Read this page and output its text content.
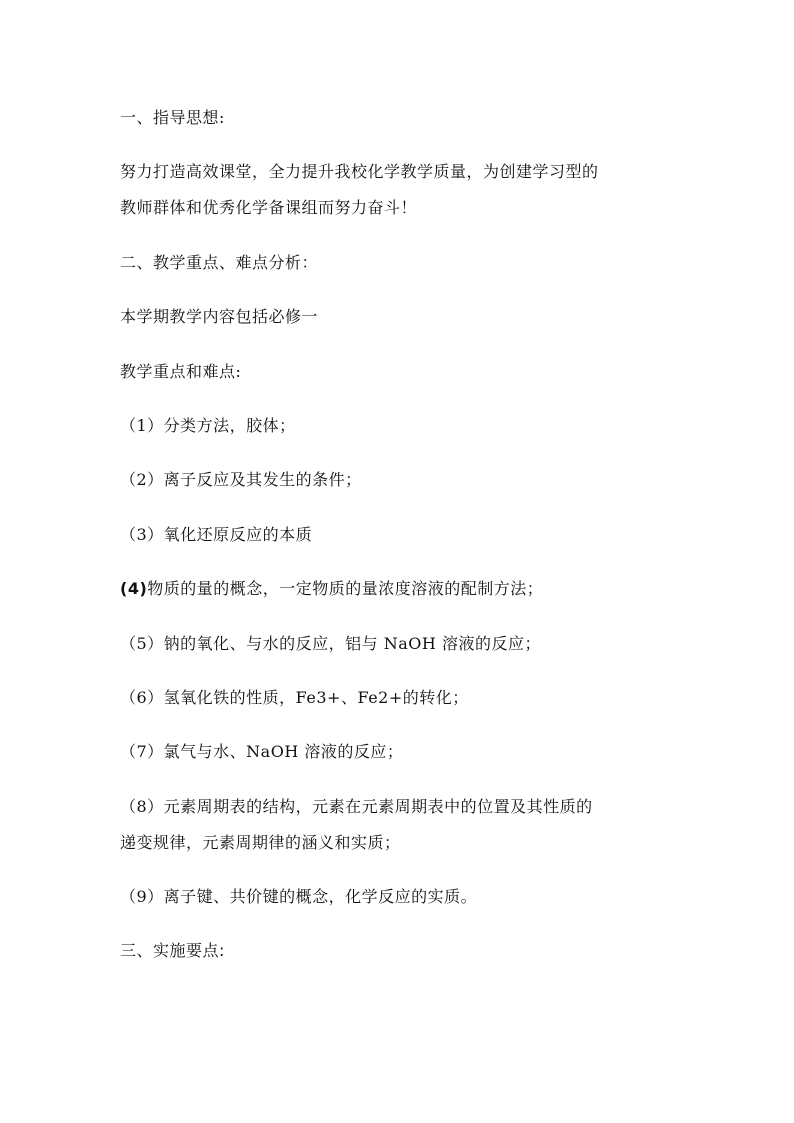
一、指导思想:
努力打造高效课堂，全力提升我校化学教学质量，为创建学习型的
教师群体和优秀化学备课组而努力奋斗！
二、教学重点、难点分析：
本学期教学内容包括必修一
教学重点和难点:
（1）分类方法，胶体；
（2）离子反应及其发生的条件；
（3）氧化还原反应的本质
(4)物质的量的概念，一定物质的量浓度溶液的配制方法；
（5）钠的氧化、与水的反应，铝与 NaOH 溶液的反应；
（6）氢氧化铁的性质，Fe3+、Fe2+的转化；
（7）氯气与水、NaOH 溶液的反应；
（8）元素周期表的结构，元素在元素周期表中的位置及其性质的
递变规律，元素周期律的涵义和实质；
（9）离子键、共价键的概念，化学反应的实质。
三、实施要点:
